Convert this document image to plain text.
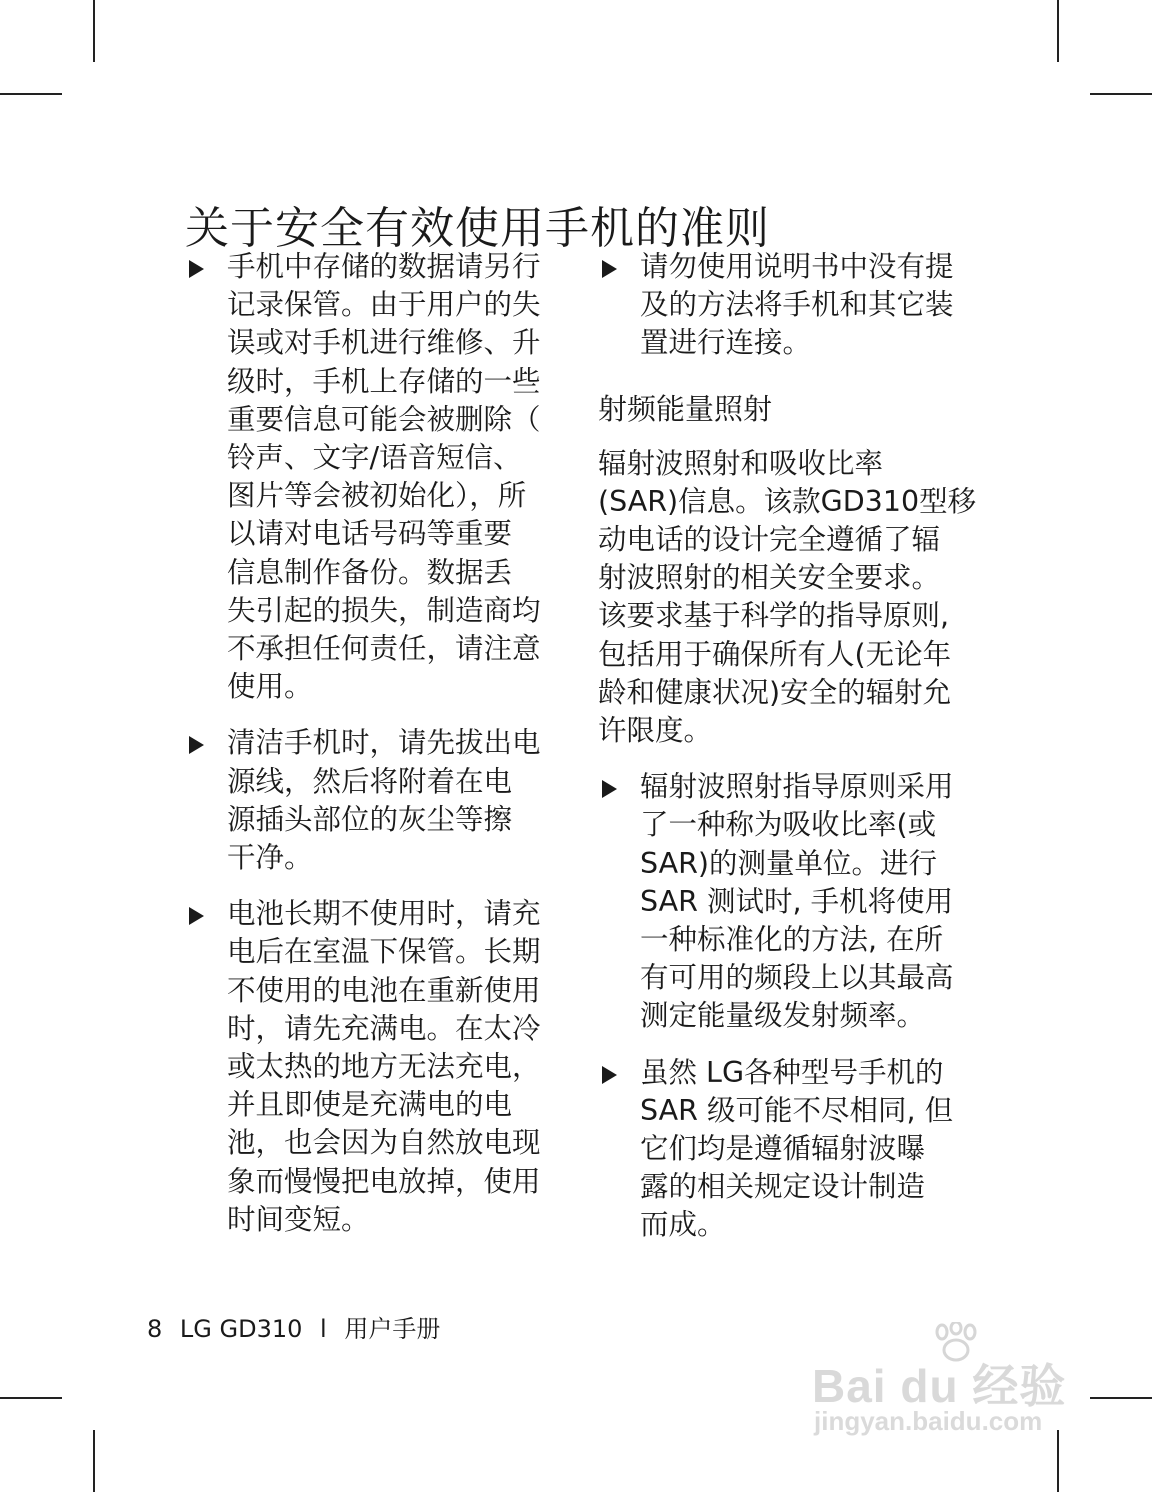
关于安全有效使用手机的准则
手机中存储的数据请另行
记录保管。由于用户的失
误或对手机进行维修、升
级时，手机上存储的一些
重要信息可能会被删除（
铃声、文字/语音短信、
图片等会被初始化），所
以请对电话号码等重要
信息制作备份。数据丢
失引起的损失，制造商均
不承担任何责任，请注意
使用。
清洁手机时，请先拔出电
源线，然后将附着在电
源插头部位的灰尘等擦
干净。
电池长期不使用时，请充
电后在室温下保管。长期
不使用的电池在重新使用
时，请先充满电。在太冷
或太热的地方无法充电，
并且即使是充满电的电
池，也会因为自然放电现
象而慢慢把电放掉，使用
时间变短。
请勿使用说明书中没有提
及的方法将手机和其它装
置进行连接。
射频能量照射
辐射波照射和吸收比率
(SAR)信息。该款GD310型移
动电话的设计完全遵循了辐
射波照射的相关安全要求。
该要求基于科学的指导原则,
包括用于确保所有人(无论年
龄和健康状况)安全的辐射允
许限度。
辐射波照射指导原则采用
了一种称为吸收比率(或
SAR)的测量单位。进行
SAR 测试时, 手机将使用
一种标准化的方法, 在所
有可用的频段上以其最高
测定能量级发射频率。
虽然 LG各种型号手机的
SAR 级可能不尽相同, 但
它们均是遵循辐射波曝
露的相关规定设计制造
而成。
8 LG GD310 l 用户手册
Bai du 经验
jingyan.baidu.com
